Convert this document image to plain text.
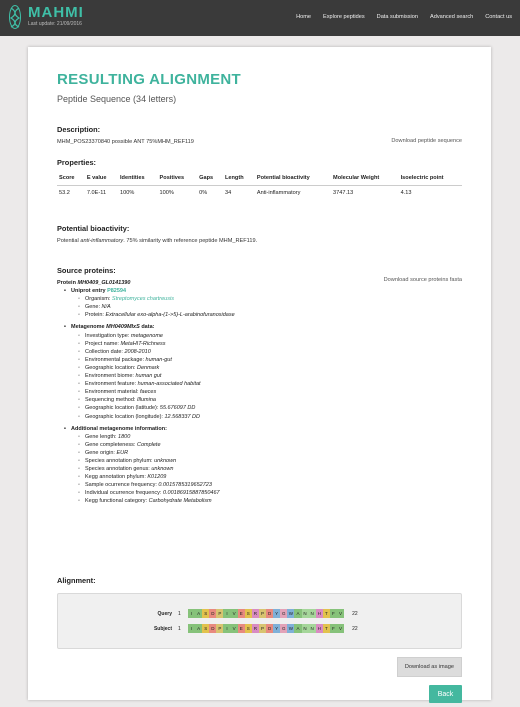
MAHMI
Last update: 21/09/2016
Home Explore peptides Data submission Advanced search Contact us
RESULTING ALIGNMENT
Peptide Sequence (34 letters)
Description:
MHM_POS23370840 possible ANT 75%MHM_REF119	Download peptide sequence
Properties:
Score	E value	Identities	Positives	Gaps	Length	Potential bioactivity	Molecular Weight	Isoelectric point
53.2	7.0E-11	100%	100%	0%	34	Anti-inflammatory	3747.13	4.13
Potential bioactivity:
Potential anti-inflammatory. 75% similarity with reference peptide MHM_REF119.
Source proteins:
Download source proteins fasta
Protein MH0409_GL0141390
• Uniprot entry P82594
◦ Organism: Streptomyces chartreusis
◦ Gene: N/A
◦ Protein: Extracellular exo-alpha-(1->5)-L-arabinofuranosidase
• Metagenome MH0409MIxS data:
◦ Investigation type: metagenome
◦ Project name: MetaHIT-Richness
◦ Collection date: 2008-2010
◦ Environmental package: human-gut
◦ Geographic location: Denmark
◦ Environment biome: human gut
◦ Environment feature: human-associated habitat
◦ Environment material: faeces
◦ Sequencing method: Illumina
◦ Geographic location (latitude): 55.676097 DD
◦ Geographic location (longitude): 12.568337 DD
• Additional metagenome information:
◦ Gene length: 1800
◦ Gene completeness: Complete
◦ Gene origin: EUR
◦ Species annotation phylum: unknown
◦ Species annotation genus: unknown
◦ Kegg annotation phylum: K01209
◦ Sample ocurrence frequency: 0.0015785319652723
◦ Individual ocurrence frequency: 0.00186915887850467
◦ Kegg functional category: Carbohydrate Metabolism
Alignment:
Query	1	I	A S D P	I	V E S R P D Y G W A N N H T F V	22
Subject	1	I	A S D P	I	V E S R P D Y G W A N N H T F V	22
Download as image
Back
